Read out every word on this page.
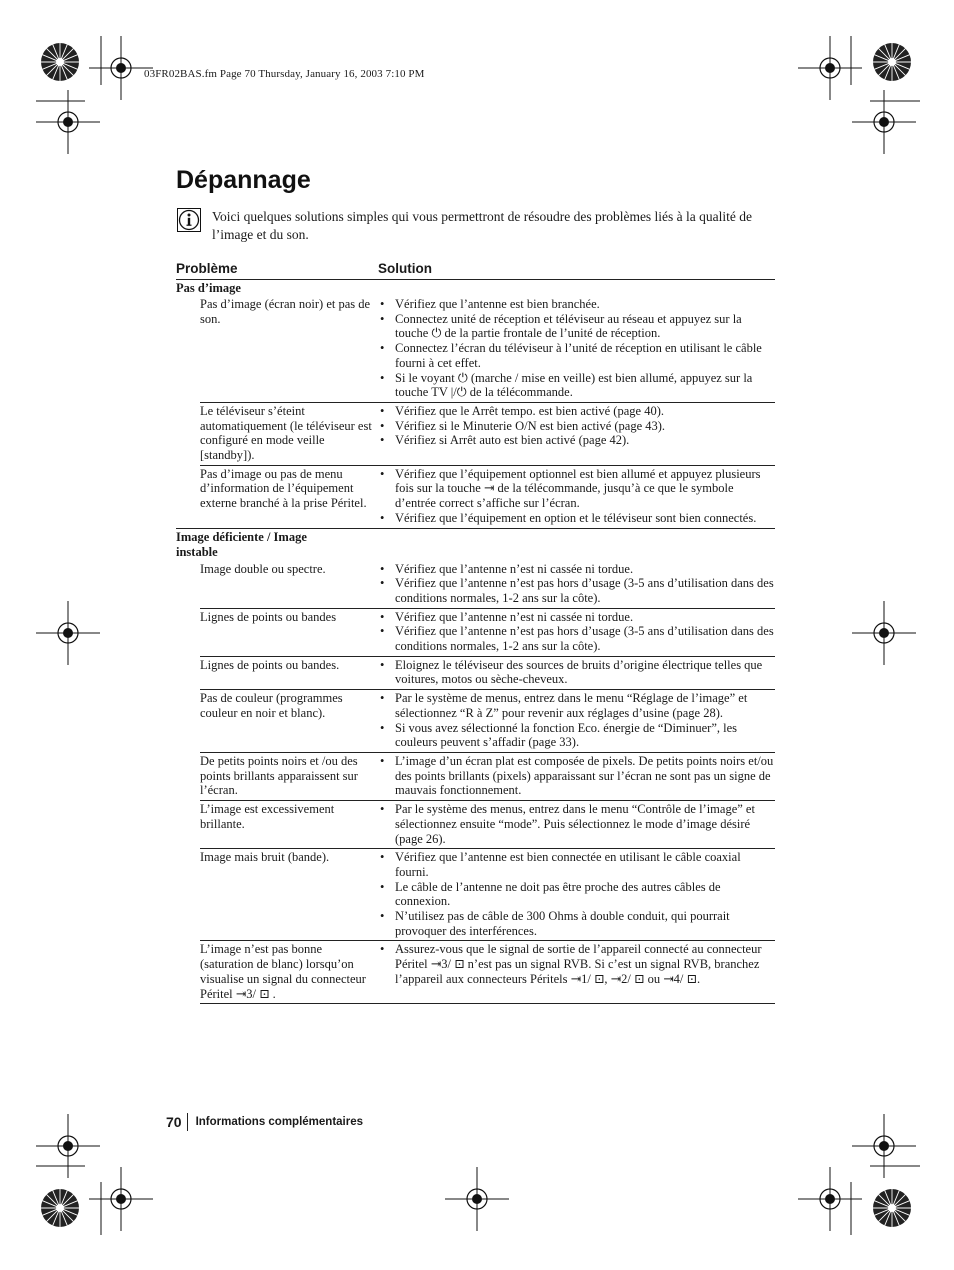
03FR02BAS.fm Page 70 Thursday, January 16, 2003 7:10 PM
Dépannage

Voici quelques solutions simples qui vous permettront de résoudre des problèmes liés à la qualité de l’image et du son.

Problème	Solution
Pas d’image
Pas d’image (écran noir) et pas de son.
• Vérifiez que l’antenne est bien branchée.
• Connectez unité de réception et téléviseur au réseau et appuyez sur la touche ⏻ de la partie frontale de l’unité de réception.
• Connectez l’écran du téléviseur à l’unité de réception en utilisant le câble fourni à cet effet.
• Si le voyant ⏻ (marche / mise en veille) est bien allumé, appuyez sur la touche TV |/⏻ de la télécommande.
Le téléviseur s’éteint automatiquement (le téléviseur est configuré en mode veille [standby]).
• Vérifiez que le Arrêt tempo. est bien activé (page 40).
• Vérifiez si le Minuterie O/N est bien activé (page 43).
• Vérifiez si Arrêt auto est bien activé (page 42).
Pas d’image ou pas de menu d’information de l’équipement externe branché à la prise Péritel.
• Vérifiez que l’équipement optionnel est bien allumé et appuyez plusieurs fois sur la touche ⇥ de la télécommande, jusqu’à ce que le symbole d’entrée correct s’affiche sur l’écran.
• Vérifiez que l’équipement en option et le téléviseur sont bien connectés.
Image déficiente / Image instable
Image double ou spectre.	• Vérifiez que l’antenne n’est ni cassée ni tordue.
• Vérifiez que l’antenne n’est pas hors d’usage (3-5 ans d’utilisation dans des conditions normales, 1-2 ans sur la côte).
Lignes de points ou bandes	• Vérifiez que l’antenne n’est ni cassée ni tordue.
• Vérifiez que l’antenne n’est pas hors d’usage (3-5 ans d’utilisation dans des conditions normales, 1-2 ans sur la côte).
Lignes de points ou bandes.	• Eloignez le téléviseur des sources de bruits d’origine électrique telles que voitures, motos ou sèche-cheveux.
Pas de couleur (programmes couleur en noir et blanc).
• Par le système de menus, entrez dans le menu “Réglage de l’image” et sélectionnez “R à Z” pour revenir aux réglages d’usine (page 28).
• Si vous avez sélectionné la fonction Eco. énergie de “Diminuer”, les couleurs peuvent s’affadir (page 33).
De petits points noirs et /ou des points brillants apparaissent sur l’écran.
• L’image d’un écran plat est composée de pixels. De petits points noirs et/ou des points brillants (pixels) apparaissant sur l’écran ne sont pas un signe de mauvais fonctionnement.
L’image est excessivement brillante.
• Par le système des menus, entrez dans le menu “Contrôle de l’image” et sélectionnez ensuite “mode”. Puis sélectionnez le mode d’image désiré (page 26).
Image mais bruit (bande).	• Vérifiez que l’antenne est bien connectée en utilisant le câble coaxial fourni.
• Le câble de l’antenne ne doit pas être proche des autres câbles de connexion.
• N’utilisez pas de câble de 300 Ohms à double conduit, qui pourrait provoquer des interférences.
L’image n’est pas bonne (saturation de blanc) lorsqu’on visualise un signal du connecteur Péritel ⇥3/ ⊡ .
• Assurez-vous que le signal de sortie de l’appareil connecté au connecteur Péritel ⇥3/ ⊡ n’est pas un signal RVB. Si c’est un signal RVB, branchez l’appareil aux connecteurs Péritels ⇥1/ ⊡, ⇥2/ ⊡ ou ⇥4/ ⊡.
70	Informations complémentaires
